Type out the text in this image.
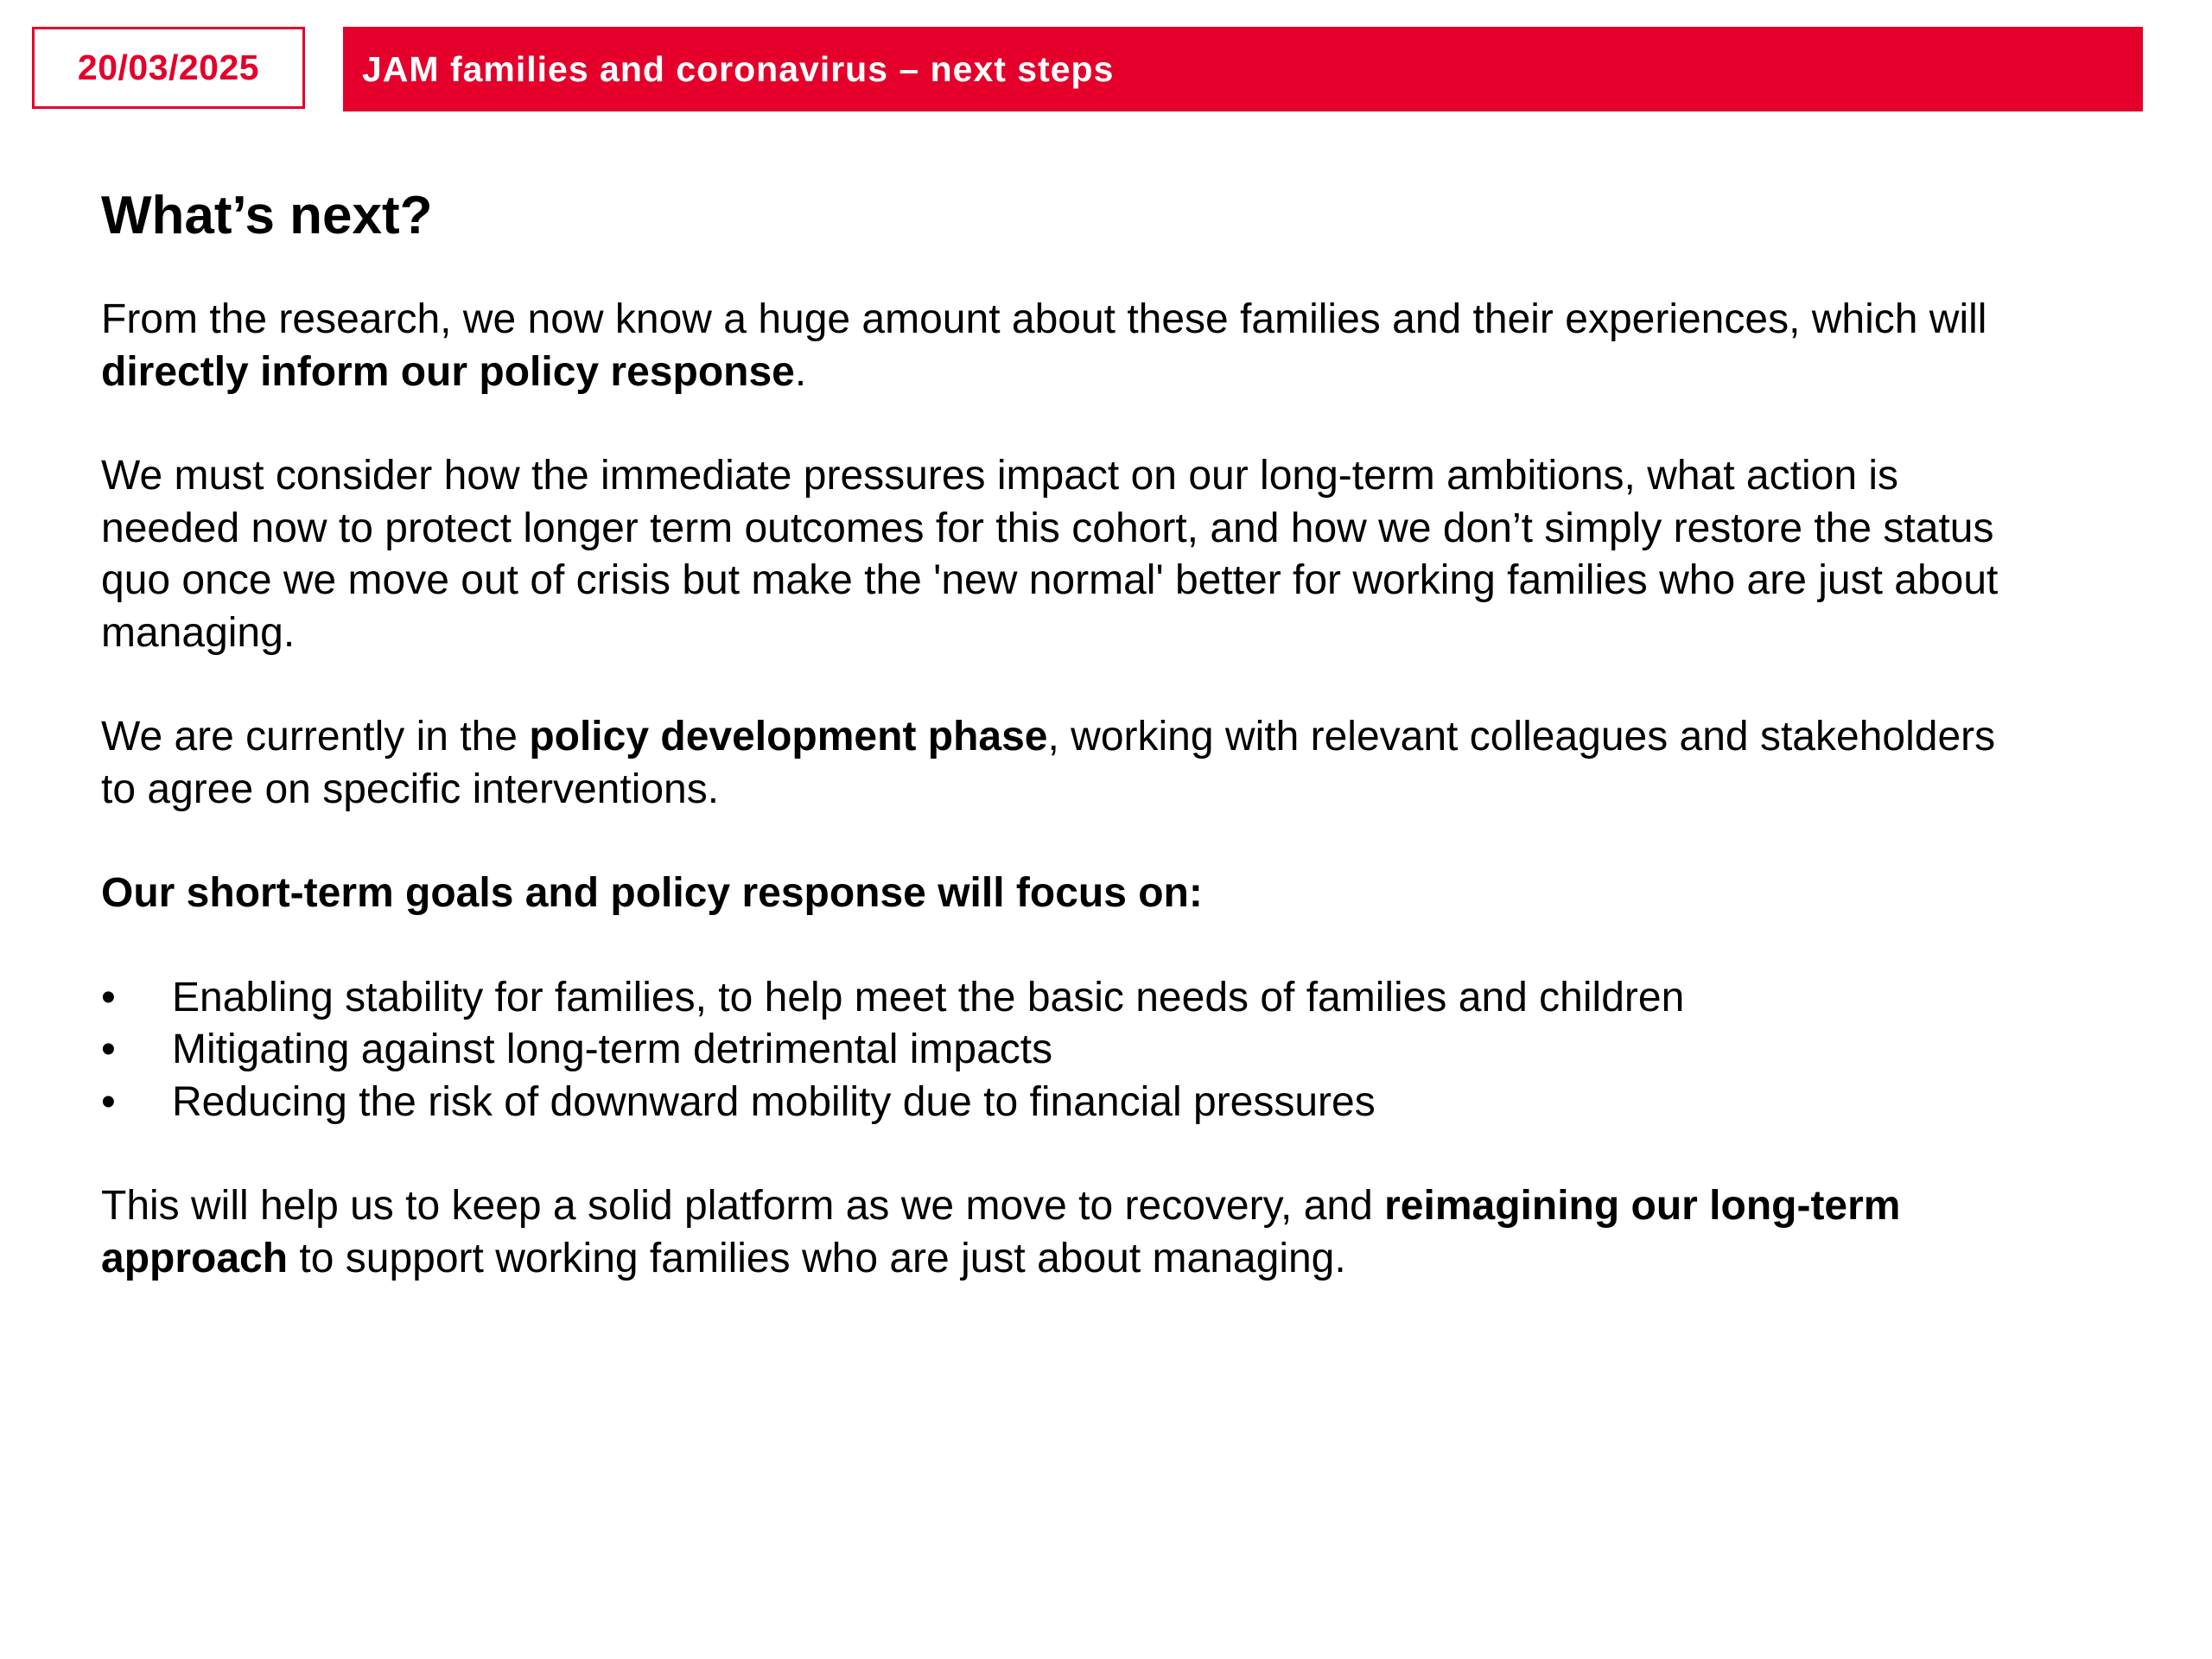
20/03/2025	JAM families and coronavirus – next steps
What’s next?

From the research, we now know a huge amount about these families and their experiences, which will directly inform our policy response.

We must consider how the immediate pressures impact on our long-term ambitions, what action is needed now to protect longer term outcomes for this cohort, and how we don’t simply restore the status quo once we move out of crisis but make the 'new normal' better for working families who are just about managing.

We are currently in the policy development phase, working with relevant colleagues and stakeholders to agree on specific interventions.

Our short-term goals and policy response will focus on:

• Enabling stability for families, to help meet the basic needs of families and children
• Mitigating against long-term detrimental impacts
• Reducing the risk of downward mobility due to financial pressures

This will help us to keep a solid platform as we move to recovery, and reimagining our long-term approach to support working families who are just about managing.
